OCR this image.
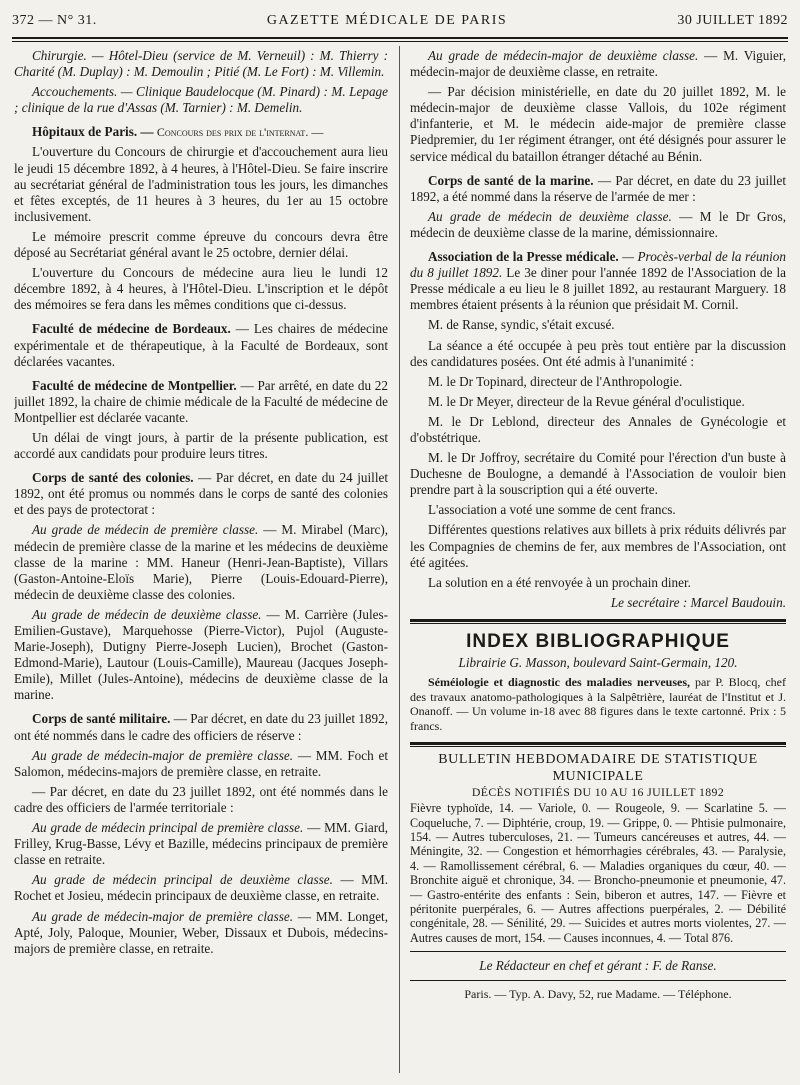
372 — N° 31.	GAZETTE MÉDICALE DE PARIS	30 JUILLET 1892

Chirurgie. — Hôtel-Dieu (service de M. Verneuil) : M. Thierry : Charité (M. Duplay) : M. Demoulin ; Pitié (M. Le Fort) : M. Villemin.

Accouchements. — Clinique Baudelocque (M. Pinard) : M. Lepage ; clinique de la rue d'Assas (M. Tarnier) : M. Demelin.

Hôpitaux de Paris. — Concours des prix de l'internat. —

L'ouverture du Concours de chirurgie et d'accouchement aura lieu le jeudi 15 décembre 1892, à 4 heures, à l'Hôtel-Dieu. Se faire inscrire au secrétariat général de l'administration tous les jours, les dimanches et fêtes exceptés, de 11 heures à 3 heures, du 1er au 15 octobre inclusivement.

Le mémoire prescrit comme épreuve du concours devra être déposé au Secrétariat général avant le 25 octobre, dernier délai.

L'ouverture du Concours de médecine aura lieu le lundi 12 décembre 1892, à 4 heures, à l'Hôtel-Dieu. L'inscription et le dépôt des mémoires se fera dans les mêmes conditions que ci-dessus.

Faculté de médecine de Bordeaux. — Les chaires de médecine expérimentale et de thérapeutique, à la Faculté de Bordeaux, sont déclarées vacantes.

Faculté de médecine de Montpellier. — Par arrêté, en date du 22 juillet 1892, la chaire de chimie médicale de la Faculté de médecine de Montpellier est déclarée vacante.

Un délai de vingt jours, à partir de la présente publication, est accordé aux candidats pour produire leurs titres.

Corps de santé des colonies. — Par décret, en date du 24 juillet 1892, ont été promus ou nommés dans le corps de santé des colonies et des pays de protectorat :

Au grade de médecin de première classe. — M. Mirabel (Marc), médecin de première classe de la marine et les médecins de deuxième classe de la marine : MM. Haneur (Henri-Jean-Baptiste), Villars (Gaston-Antoine-Eloïs Marie), Pierre (Louis-Edouard-Pierre), médecin de deuxième classe des colonies.

Au grade de médecin de deuxième classe. — M. Carrière (Jules-Emilien-Gustave), Marquehosse (Pierre-Victor), Pujol (Auguste-Marie-Joseph), Dutigny Pierre-Joseph Lucien), Brochet (Gaston-Edmond-Marie), Lautour (Louis-Camille), Maureau (Jacques Joseph-Emile), Millet (Jules-Antoine), médecins de deuxième classe de la marine.

Corps de santé militaire. — Par décret, en date du 23 juillet 1892, ont été nommés dans le cadre des officiers de réserve :

Au grade de médecin-major de première classe. — MM. Foch et Salomon, médecins-majors de première classe, en retraite.

— Par décret, en date du 23 juillet 1892, ont été nommés dans le cadre des officiers de l'armée territoriale :

Au grade de médecin principal de première classe. — MM. Giard, Frilley, Krug-Basse, Lévy et Bazille, médecins principaux de première classe en retraite.

Au grade de médecin principal de deuxième classe. — MM. Rochet et Josieu, médecin principaux de deuxième classe, en retraite.

Au grade de médecin-major de première classe. — MM. Longet, Apté, Joly, Paloque, Mounier, Weber, Dissaux et Dubois, médecins-majors de première classe, en retraite.

Au grade de médecin-major de deuxième classe. — M. Viguier, médecin-major de deuxième classe, en retraite.

— Par décision ministérielle, en date du 20 juillet 1892, M. le médecin-major de deuxième classe Vallois, du 102e régiment d'infanterie, et M. le médecin aide-major de première classe Piedpremier, du 1er régiment étranger, ont été désignés pour assurer le service médical du bataillon étranger détaché au Bénin.

Corps de santé de la marine. — Par décret, en date du 23 juillet 1892, a été nommé dans la réserve de l'armée de mer :

Au grade de médecin de deuxième classe. — M le Dr Gros, médecin de deuxième classe de la marine, démissionnaire.

Association de la Presse médicale. — Procès-verbal de la réunion du 8 juillet 1892. Le 3e diner pour l'année 1892 de l'Association de la Presse médicale a eu lieu le 8 juillet 1892, au restaurant Marguery. 18 membres étaient présents à la réunion que présidait M. Cornil.

M. de Ranse, syndic, s'était excusé.

La séance a été occupée à peu près tout entière par la discussion des candidatures posées. Ont été admis à l'unanimité :

M. le Dr Topinard, directeur de l'Anthropologie.

M. le Dr Meyer, directeur de la Revue général d'oculistique.

M. le Dr Leblond, directeur des Annales de Gynécologie et d'obstétrique.

M. le Dr Joffroy, secrétaire du Comité pour l'érection d'un buste à Duchesne de Boulogne, a demandé à l'Association de vouloir bien prendre part à la souscription qui a été ouverte.

L'association a voté une somme de cent francs.

Différentes questions relatives aux billets à prix réduits délivrés par les Compagnies de chemins de fer, aux membres de l'Association, ont été agitées.

La solution en a été renvoyée à un prochain diner.

Le secrétaire : Marcel Baudouin.

INDEX BIBLIOGRAPHIQUE
Librairie G. Masson, boulevard Saint-Germain, 120.

Séméiologie et diagnostic des maladies nerveuses, par P. Blocq, chef des travaux anatomo-pathologiques à la Salpêtrière, lauréat de l'Institut et J. Onanoff. — Un volume in-18 avec 88 figures dans le texte cartonné. Prix : 5 francs.

BULLETIN HEBDOMADAIRE DE STATISTIQUE
MUNICIPALE
DÉCÈS NOTIFIÉS DU 10 AU 16 JUILLET 1892

Fièvre typhoïde, 14. — Variole, 0. — Rougeole, 9. — Scarlatine 5. — Coqueluche, 7. — Diphtérie, croup, 19. — Grippe, 0. — Phtisie pulmonaire, 154. — Autres tuberculoses, 21. — Tumeurs cancéreuses et autres, 44. — Méningite, 32. — Congestion et hémorrhagies cérébrales, 43. — Paralysie, 4. — Ramollissement cérébral, 6. — Maladies organiques du cœur, 40. — Bronchite aiguë et chronique, 34. — Broncho-pneumonie et pneumonie, 47. — Gastro-entérite des enfants : Sein, biberon et autres, 147. — Fièvre et péritonite puerpérales, 6. — Autres affections puerpérales, 2. — Débilité congénitale, 28. — Sénilité, 29. — Suicides et autres morts violentes, 27. — Autres causes de mort, 154. — Causes inconnues, 4. — Total 876.

Le Rédacteur en chef et gérant : F. de Ranse.

Paris. — Typ. A. Davy, 52, rue Madame. — Téléphone.
